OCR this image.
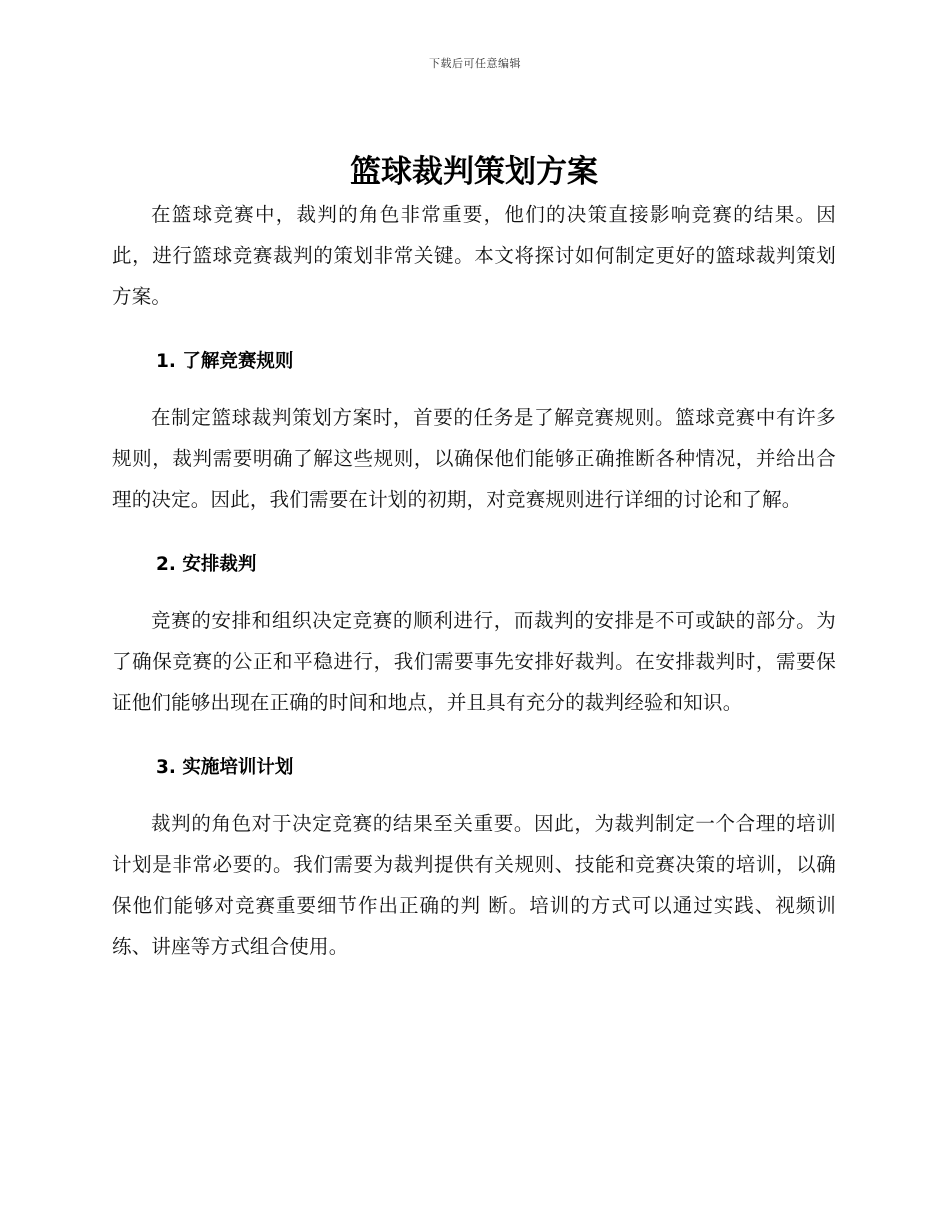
下载后可任意编辑
篮球裁判策划方案

在篮球竞赛中，裁判的角色非常重要，他们的决策直接影响竞赛的结果。因此，进行篮球竞赛裁判的策划非常关键。本文将探讨如何制定更好的篮球裁判策划方案。

1. 了解竞赛规则

在制定篮球裁判策划方案时，首要的任务是了解竞赛规则。篮球竞赛中有许多规则，裁判需要明确了解这些规则，以确保他们能够正确推断各种情况，并给出合理的决定。因此，我们需要在计划的初期，对竞赛规则进行详细的讨论和了解。

2. 安排裁判

竞赛的安排和组织决定竞赛的顺利进行，而裁判的安排是不可或缺的部分。为了确保竞赛的公正和平稳进行，我们需要事先安排好裁判。在安排裁判时，需要保证他们能够出现在正确的时间和地点，并且具有充分的裁判经验和知识。

3. 实施培训计划

裁判的角色对于决定竞赛的结果至关重要。因此，为裁判制定一个合理的培训计划是非常必要的。我们需要为裁判提供有关规则、技能和竞赛决策的培训，以确保他们能够对竞赛重要细节作出正确的判 断。培训的方式可以通过实践、视频训练、讲座等方式组合使用。
